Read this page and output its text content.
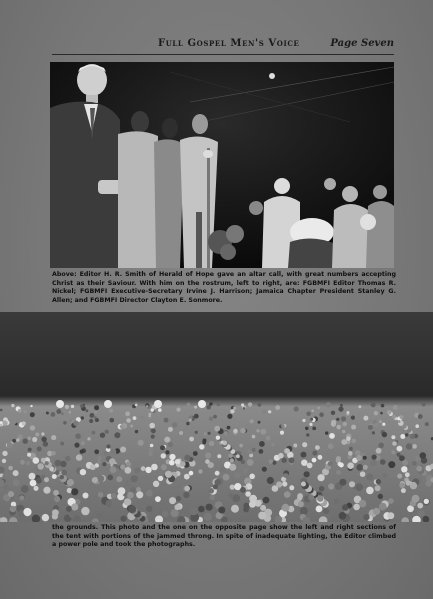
Full Gospel Men's Voice	Page Seven
Above: Editor H. R. Smith of Herald of Hope gave an altar call, with great numbers accepting Christ as their Saviour. With him on the rostrum, left to right, are: FGBMFI Editor Thomas R. Nickel; FGBMFI Executive-Secretary Irvine J. Harrison; Jamaica Chapter President Stanley G. Allen; and FGBMFI Director Clayton E. Sonmore.
the grounds. This photo and the one on the opposite page show the left and right sections of the tent with portions of the jammed throng. In spite of inadequate lighting, the Editor climbed a power pole and took the photographs.
